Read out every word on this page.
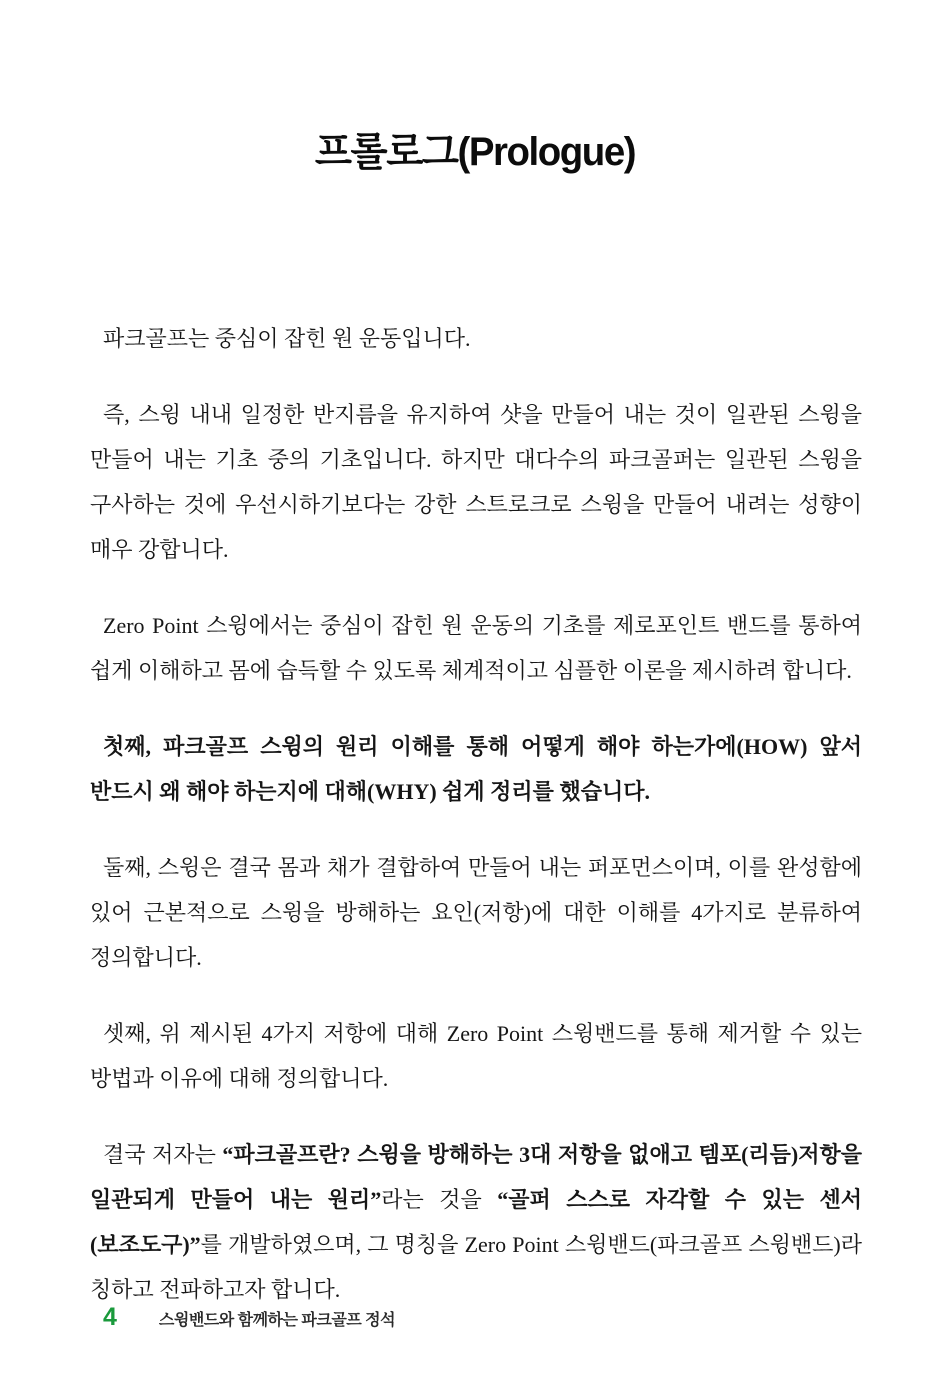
프롤로그(Prologue)

파크골프는 중심이 잡힌 원 운동입니다.

즉, 스윙 내내 일정한 반지름을 유지하여 샷을 만들어 내는 것이 일관된 스윙을 만들어 내는 기초 중의 기초입니다. 하지만 대다수의 파크골퍼는 일관된 스윙을 구사하는 것에 우선시하기보다는 강한 스트로크로 스윙을 만들어 내려는 성향이 매우 강합니다.

Zero Point 스윙에서는 중심이 잡힌 원 운동의 기초를 제로포인트 밴드를 통하여 쉽게 이해하고 몸에 습득할 수 있도록 체계적이고 심플한 이론을 제시하려 합니다.

첫째, 파크골프 스윙의 원리 이해를 통해 어떻게 해야 하는가에(HOW) 앞서 반드시 왜 해야 하는지에 대해(WHY) 쉽게 정리를 했습니다.

둘째, 스윙은 결국 몸과 채가 결합하여 만들어 내는 퍼포먼스이며, 이를 완성함에 있어 근본적으로 스윙을 방해하는 요인(저항)에 대한 이해를 4가지로 분류하여 정의합니다.

셋째, 위 제시된 4가지 저항에 대해 Zero Point 스윙밴드를 통해 제거할 수 있는 방법과 이유에 대해 정의합니다.

결국 저자는 “파크골프란? 스윙을 방해하는 3대 저항을 없애고 템포(리듬)저항을 일관되게 만들어 내는 원리”라는 것을 “골퍼 스스로 자각할 수 있는 센서(보조도구)”를 개발하였으며, 그 명칭을 Zero Point 스윙밴드(파크골프 스윙밴드)라 칭하고 전파하고자 합니다.

4	스윙밴드와 함께하는 파크골프 정석
